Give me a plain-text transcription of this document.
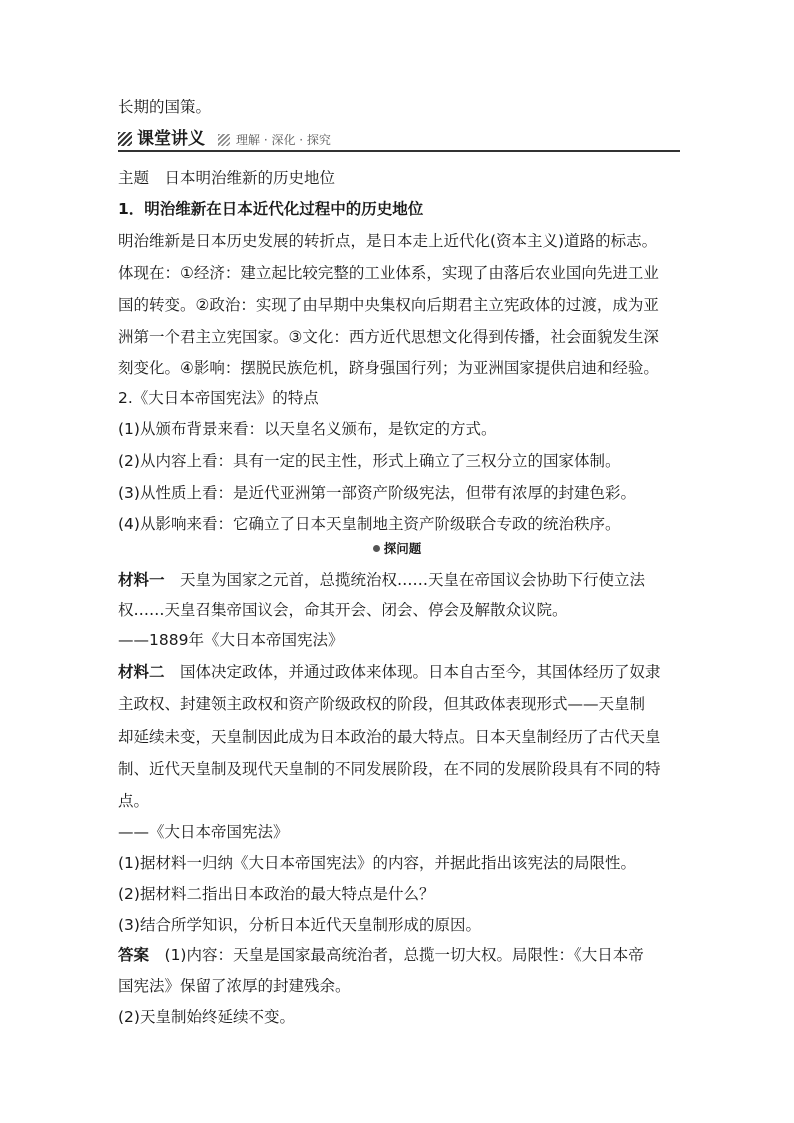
长期的国策。
课堂讲义	理解 · 深化 · 探究
主题　日本明治维新的历史地位
1．明治维新在日本近代化过程中的历史地位
明治维新是日本历史发展的转折点，是日本走上近代化(资本主义)道路的标志。
体现在：①经济：建立起比较完整的工业体系，实现了由落后农业国向先进工业
国的转变。②政治：实现了由早期中央集权向后期君主立宪政体的过渡，成为亚
洲第一个君主立宪国家。③文化：西方近代思想文化得到传播，社会面貌发生深
刻变化。④影响：摆脱民族危机，跻身强国行列；为亚洲国家提供启迪和经验。
2.《大日本帝国宪法》的特点
(1)从颁布背景来看：以天皇名义颁布，是钦定的方式。
(2)从内容上看：具有一定的民主性，形式上确立了三权分立的国家体制。
(3)从性质上看：是近代亚洲第一部资产阶级宪法，但带有浓厚的封建色彩。
(4)从影响来看：它确立了日本天皇制地主资产阶级联合专政的统治秩序。
探问题
材料一　天皇为国家之元首，总揽统治权……天皇在帝国议会协助下行使立法
权……天皇召集帝国议会，命其开会、闭会、停会及解散众议院。
——1889年《大日本帝国宪法》
材料二　国体决定政体，并通过政体来体现。日本自古至今，其国体经历了奴隶
主政权、封建领主政权和资产阶级政权的阶段，但其政体表现形式——天皇制
却延续未变，天皇制因此成为日本政治的最大特点。日本天皇制经历了古代天皇
制、近代天皇制及现代天皇制的不同发展阶段，在不同的发展阶段具有不同的特
点。
——《大日本帝国宪法》
(1)据材料一归纳《大日本帝国宪法》的内容，并据此指出该宪法的局限性。
(2)据材料二指出日本政治的最大特点是什么？
(3)结合所学知识，分析日本近代天皇制形成的原因。
答案　(1)内容：天皇是国家最高统治者，总揽一切大权。局限性：《大日本帝
国宪法》保留了浓厚的封建残余。
(2)天皇制始终延续不变。
